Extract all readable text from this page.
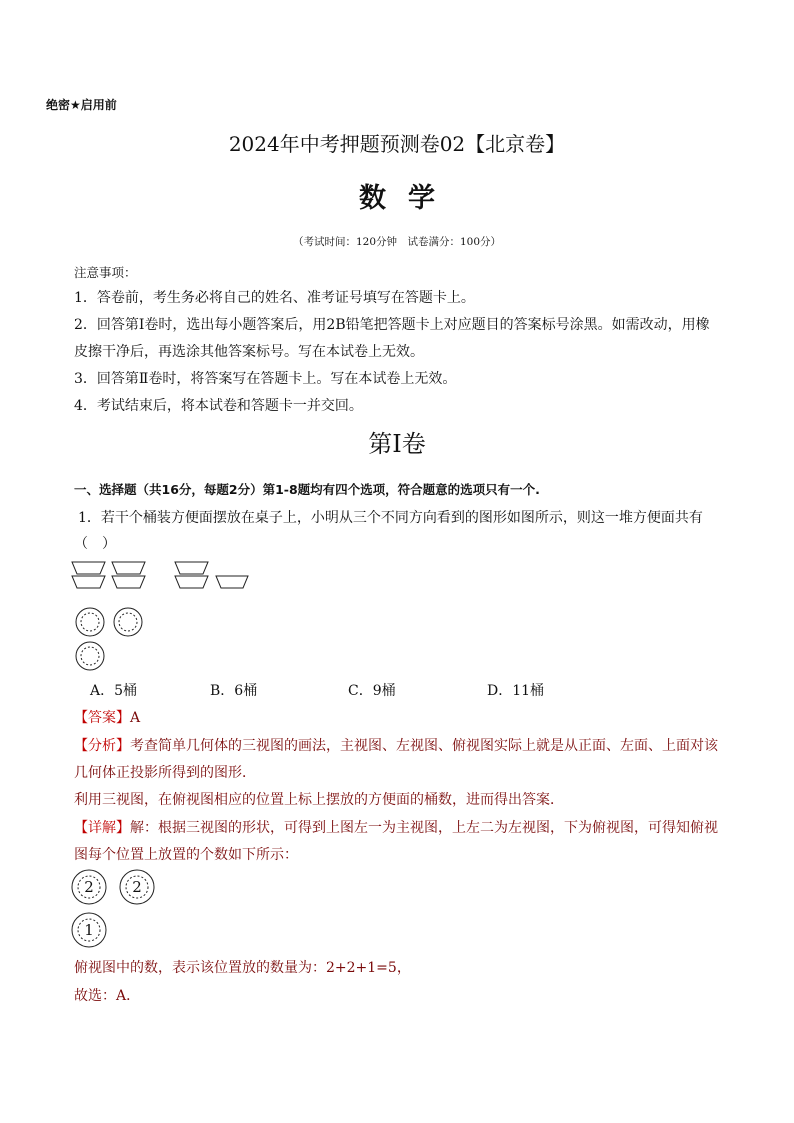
绝密★启用前
2024年中考押题预测卷02【北京卷】
数学
（考试时间：120分钟　试卷满分：100分）
注意事项：
1．答卷前，考生务必将自己的姓名、准考证号填写在答题卡上。
2．回答第Ⅰ卷时，选出每小题答案后，用2B铅笔把答题卡上对应题目的答案标号涂黑。如需改动，用橡
皮擦干净后，再选涂其他答案标号。写在本试卷上无效。
3．回答第Ⅱ卷时，将答案写在答题卡上。写在本试卷上无效。
4．考试结束后，将本试卷和答题卡一并交回。
第Ⅰ卷
一、选择题（共16分，每题2分）第1-8题均有四个选项，符合题意的选项只有一个.
1．若干个桶装方便面摆放在桌子上，小明从三个不同方向看到的图形如图所示，则这一堆方便面共有
（　）
A．5桶	B．6桶	C．9桶	D．11桶
【答案】A
【分析】考查简单几何体的三视图的画法，主视图、左视图、俯视图实际上就是从正面、左面、上面对该
几何体正投影所得到的图形．
利用三视图，在俯视图相应的位置上标上摆放的方便面的桶数，进而得出答案．
【详解】解：根据三视图的形状，可得到上图左一为主视图，上左二为左视图，下为俯视图，可得知俯视
图每个位置上放置的个数如下所示：
2	2
1
俯视图中的数，表示该位置放的数量为：2+2+1=5，
故选：A．
